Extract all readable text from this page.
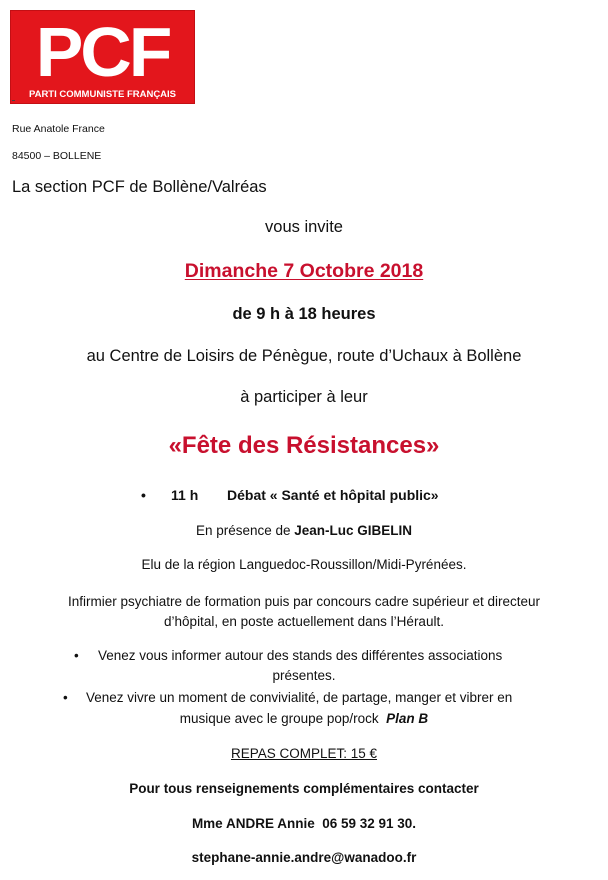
PCF
PARTI COMMUNISTE FRANÇAIS
Rue Anatole France
84500 – BOLLENE
La section PCF de Bollène/Valréas
vous invite
Dimanche 7 Octobre 2018
de 9 h à 18 heures
au Centre de Loisirs de Pénègue, route d’Uchaux à Bollène
à participer à leur
«Fête des Résistances»
• 11 h Débat « Santé et hôpital public»
En présence de Jean-Luc GIBELIN
Elu de la région Languedoc-Roussillon/Midi-Pyrénées.
Infirmier psychiatre de formation puis par concours cadre supérieur et directeur
d’hôpital, en poste actuellement dans l’Hérault.
• Venez vous informer autour des stands des différentes associations
présentes.
• Venez vivre un moment de convivialité, de partage, manger et vibrer en
musique avec le groupe pop/rock  Plan B
REPAS COMPLET: 15 €
Pour tous renseignements complémentaires contacter
Mme ANDRE Annie  06 59 32 91 30.
stephane-annie.andre@wanadoo.fr
